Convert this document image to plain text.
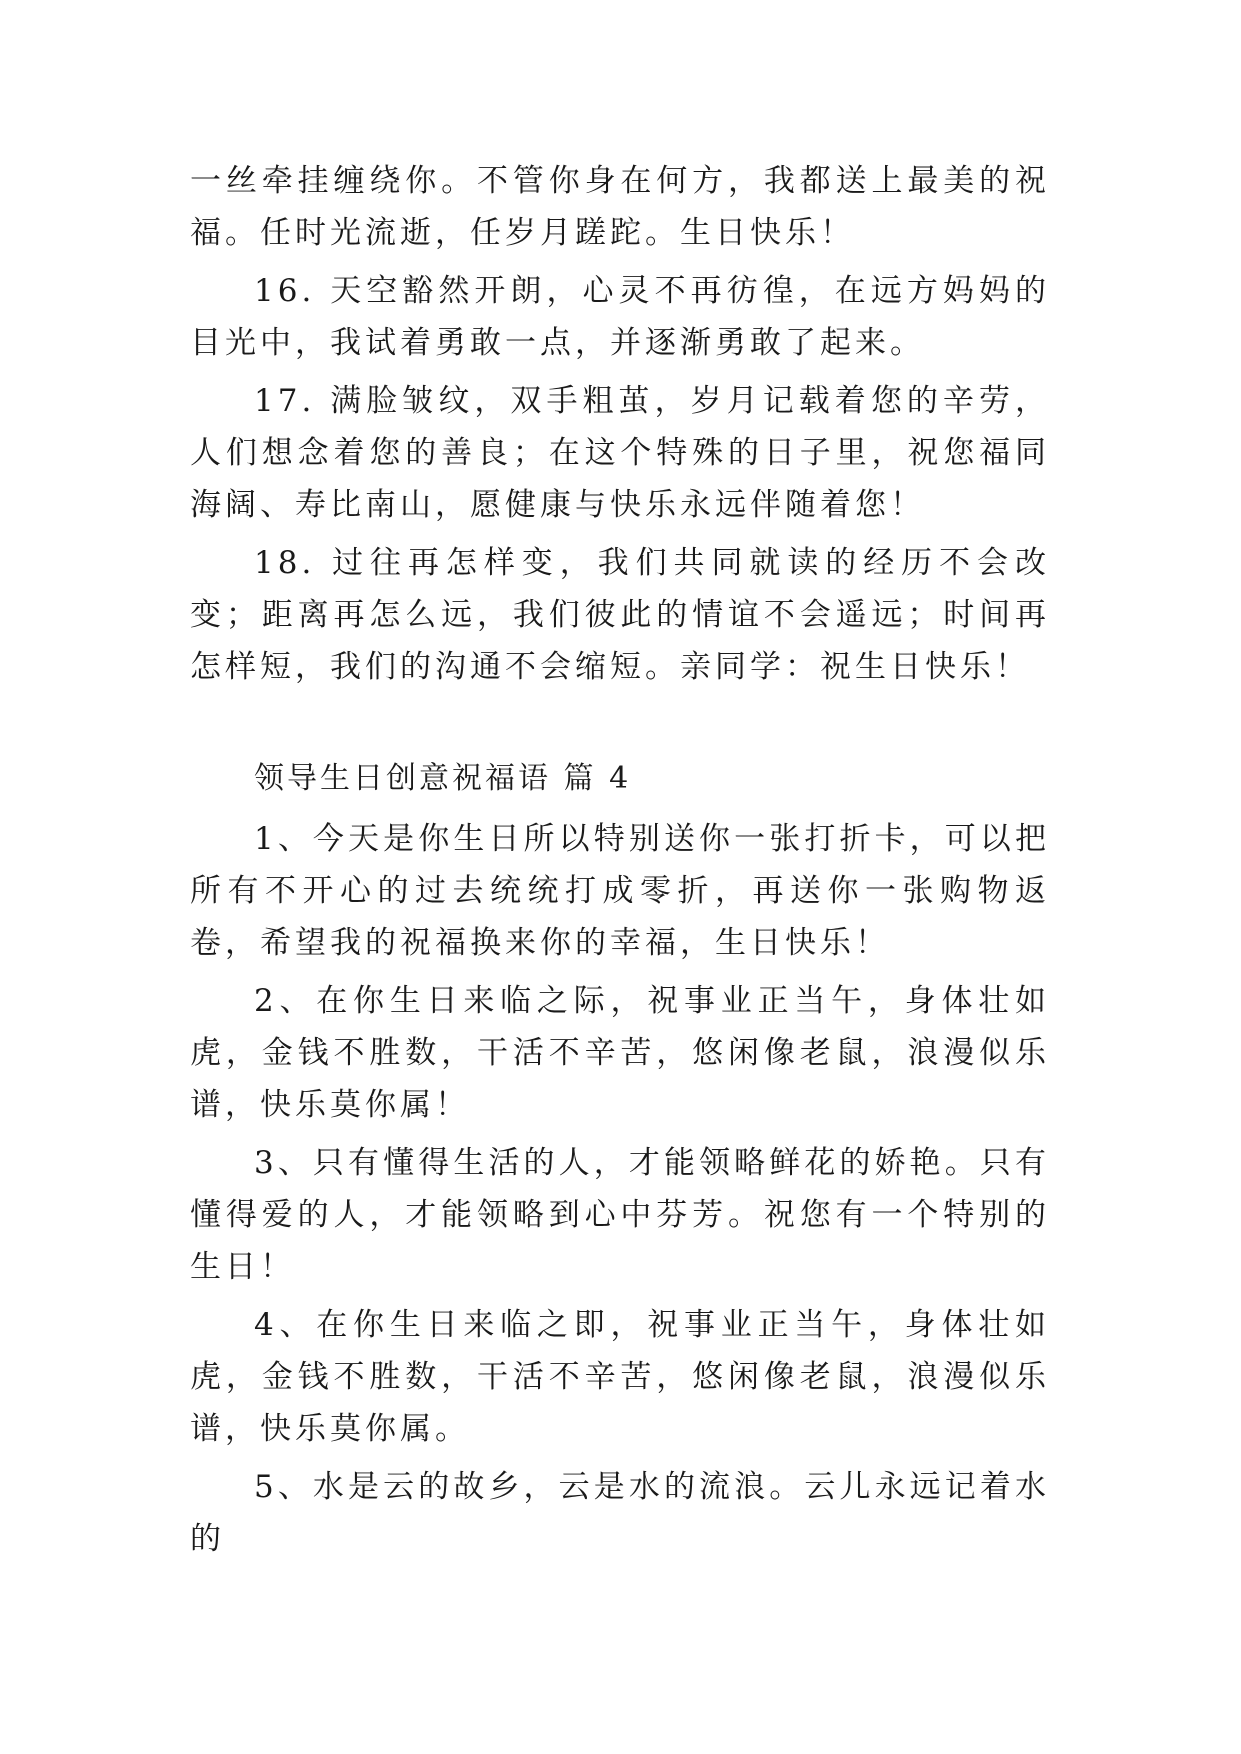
一丝牵挂缠绕你。不管你身在何方，我都送上最美的祝福。任时光流逝，任岁月蹉跎。生日快乐！

16. 天空豁然开朗，心灵不再彷徨，在远方妈妈的目光中，我试着勇敢一点，并逐渐勇敢了起来。

17. 满脸皱纹，双手粗茧，岁月记载着您的辛劳，人们想念着您的善良；在这个特殊的日子里，祝您福同海阔、寿比南山，愿健康与快乐永远伴随着您！

18. 过往再怎样变，我们共同就读的经历不会改变；距离再怎么远，我们彼此的情谊不会遥远；时间再怎样短，我们的沟通不会缩短。亲同学：祝生日快乐！

领导生日创意祝福语 篇 4

1、今天是你生日所以特别送你一张打折卡，可以把所有不开心的过去统统打成零折，再送你一张购物返卷，希望我的祝福换来你的幸福，生日快乐！

2、在你生日来临之际，祝事业正当午，身体壮如虎，金钱不胜数，干活不辛苦，悠闲像老鼠，浪漫似乐谱，快乐莫你属！

3、只有懂得生活的人，才能领略鲜花的娇艳。只有懂得爱的人，才能领略到心中芬芳。祝您有一个特别的生日！

4、在你生日来临之即，祝事业正当午，身体壮如虎，金钱不胜数，干活不辛苦，悠闲像老鼠，浪漫似乐谱，快乐莫你属。

5、水是云的故乡，云是水的流浪。云儿永远记着水的
